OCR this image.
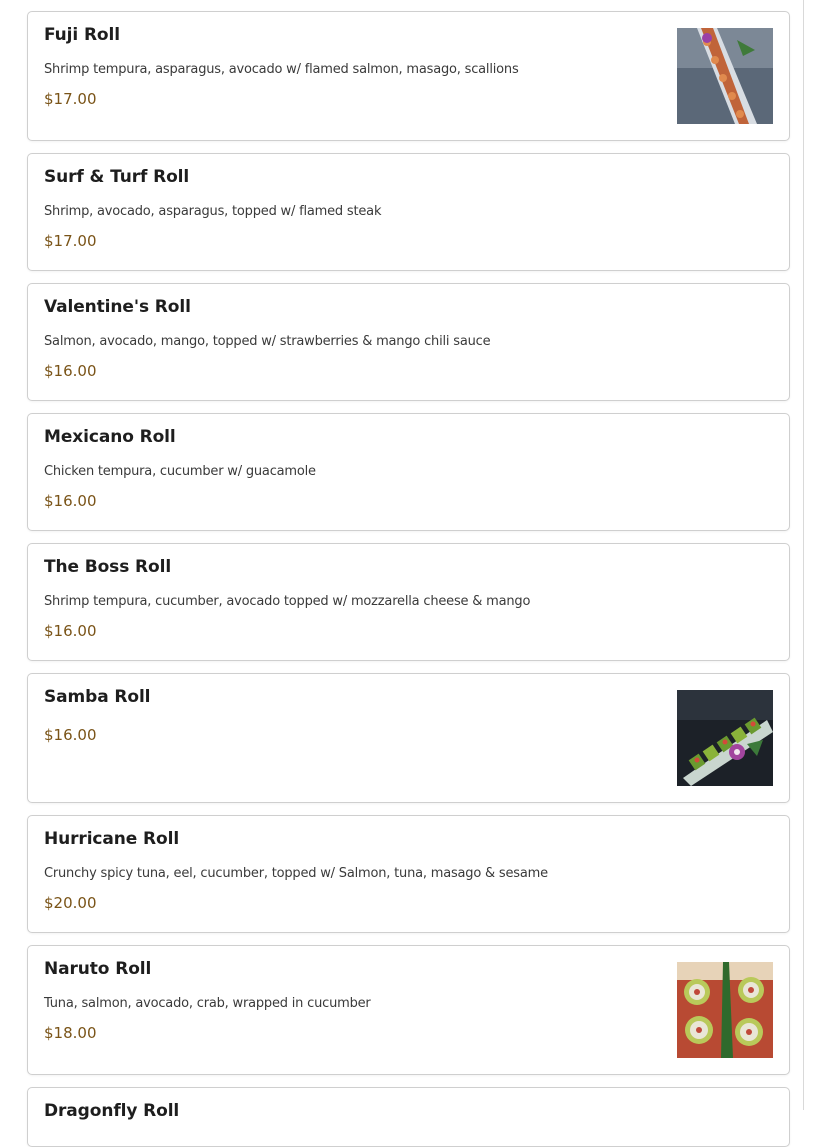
Fuji Roll
Shrimp tempura, asparagus, avocado w/ flamed salmon, masago, scallions
$17.00
Surf & Turf Roll
Shrimp, avocado, asparagus, topped w/ flamed steak
$17.00
Valentine's Roll
Salmon, avocado, mango, topped w/ strawberries & mango chili sauce
$16.00
Mexicano Roll
Chicken tempura, cucumber w/ guacamole
$16.00
The Boss Roll
Shrimp tempura, cucumber, avocado topped w/ mozzarella cheese & mango
$16.00
Samba Roll
$16.00
Hurricane Roll
Crunchy spicy tuna, eel, cucumber, topped w/ Salmon, tuna, masago & sesame
$20.00
Naruto Roll
Tuna, salmon, avocado, crab, wrapped in cucumber
$18.00
Dragonfly Roll
